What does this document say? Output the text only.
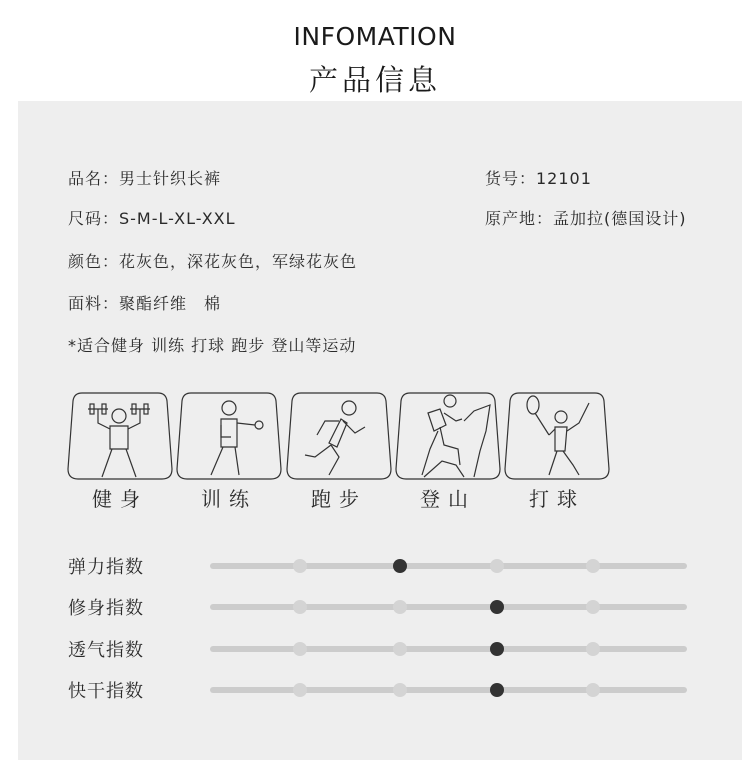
INFOMATION
产品信息
品名：男士针织长裤	货号：12101
尺码：S-M-L-XL-XXL	原产地：孟加拉(德国设计)
颜色：花灰色，深花灰色，军绿花灰色
面料：聚酯纤维　棉
*适合健身 训练 打球 跑步 登山等运动
健身	训练	跑步	登山	打球
弹力指数
修身指数
透气指数
快干指数
